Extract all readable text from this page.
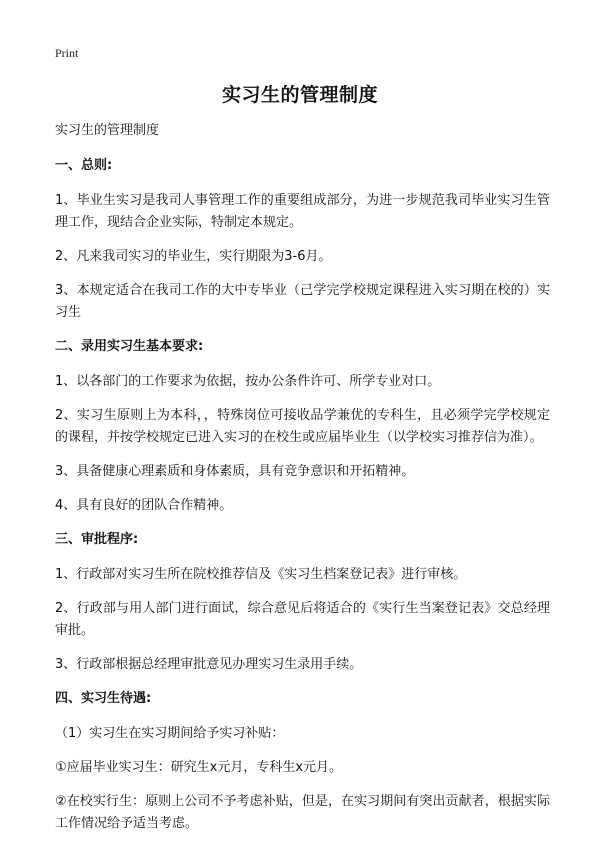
Print
实习生的管理制度

实习生的管理制度

一、总则:

1、毕业生实习是我司人事管理工作的重要组成部分，为进一步规范我司毕业实习生管理工作，现结合企业实际，特制定本规定。

2、凡来我司实习的毕业生，实行期限为3-6月。

3、本规定适合在我司工作的大中专毕业（己学完学校规定课程进入实习期在校的）实习生

二、录用实习生基本要求:

1、以各部门的工作要求为依据，按办公条件许可、所学专业对口。

2、实习生原则上为本科，，特殊岗位可接收品学兼优的专科生，且必须学完学校规定的课程，并按学校规定已进入实习的在校生或应届毕业生（以学校实习推荐信为准）。

3、具备健康心理素质和身体素质，具有竞争意识和开拓精神。

4、具有良好的团队合作精神。

三、审批程序:

1、行政部对实习生所在院校推荐信及《实习生档案登记表》进行审核。

2、行政部与用人部门进行面试，综合意见后将适合的《实行生当案登记表》交总经理审批。

3、行政部根据总经理审批意见办理实习生录用手续。

四、实习生待遇:

（1）实习生在实习期间给予实习补贴：

①应届毕业实习生：研究生x元月，专科生x元月。

②在校实行生：原则上公司不予考虑补贴，但是，在实习期间有突出贡献者，根据实际工作情况给予适当考虑。
